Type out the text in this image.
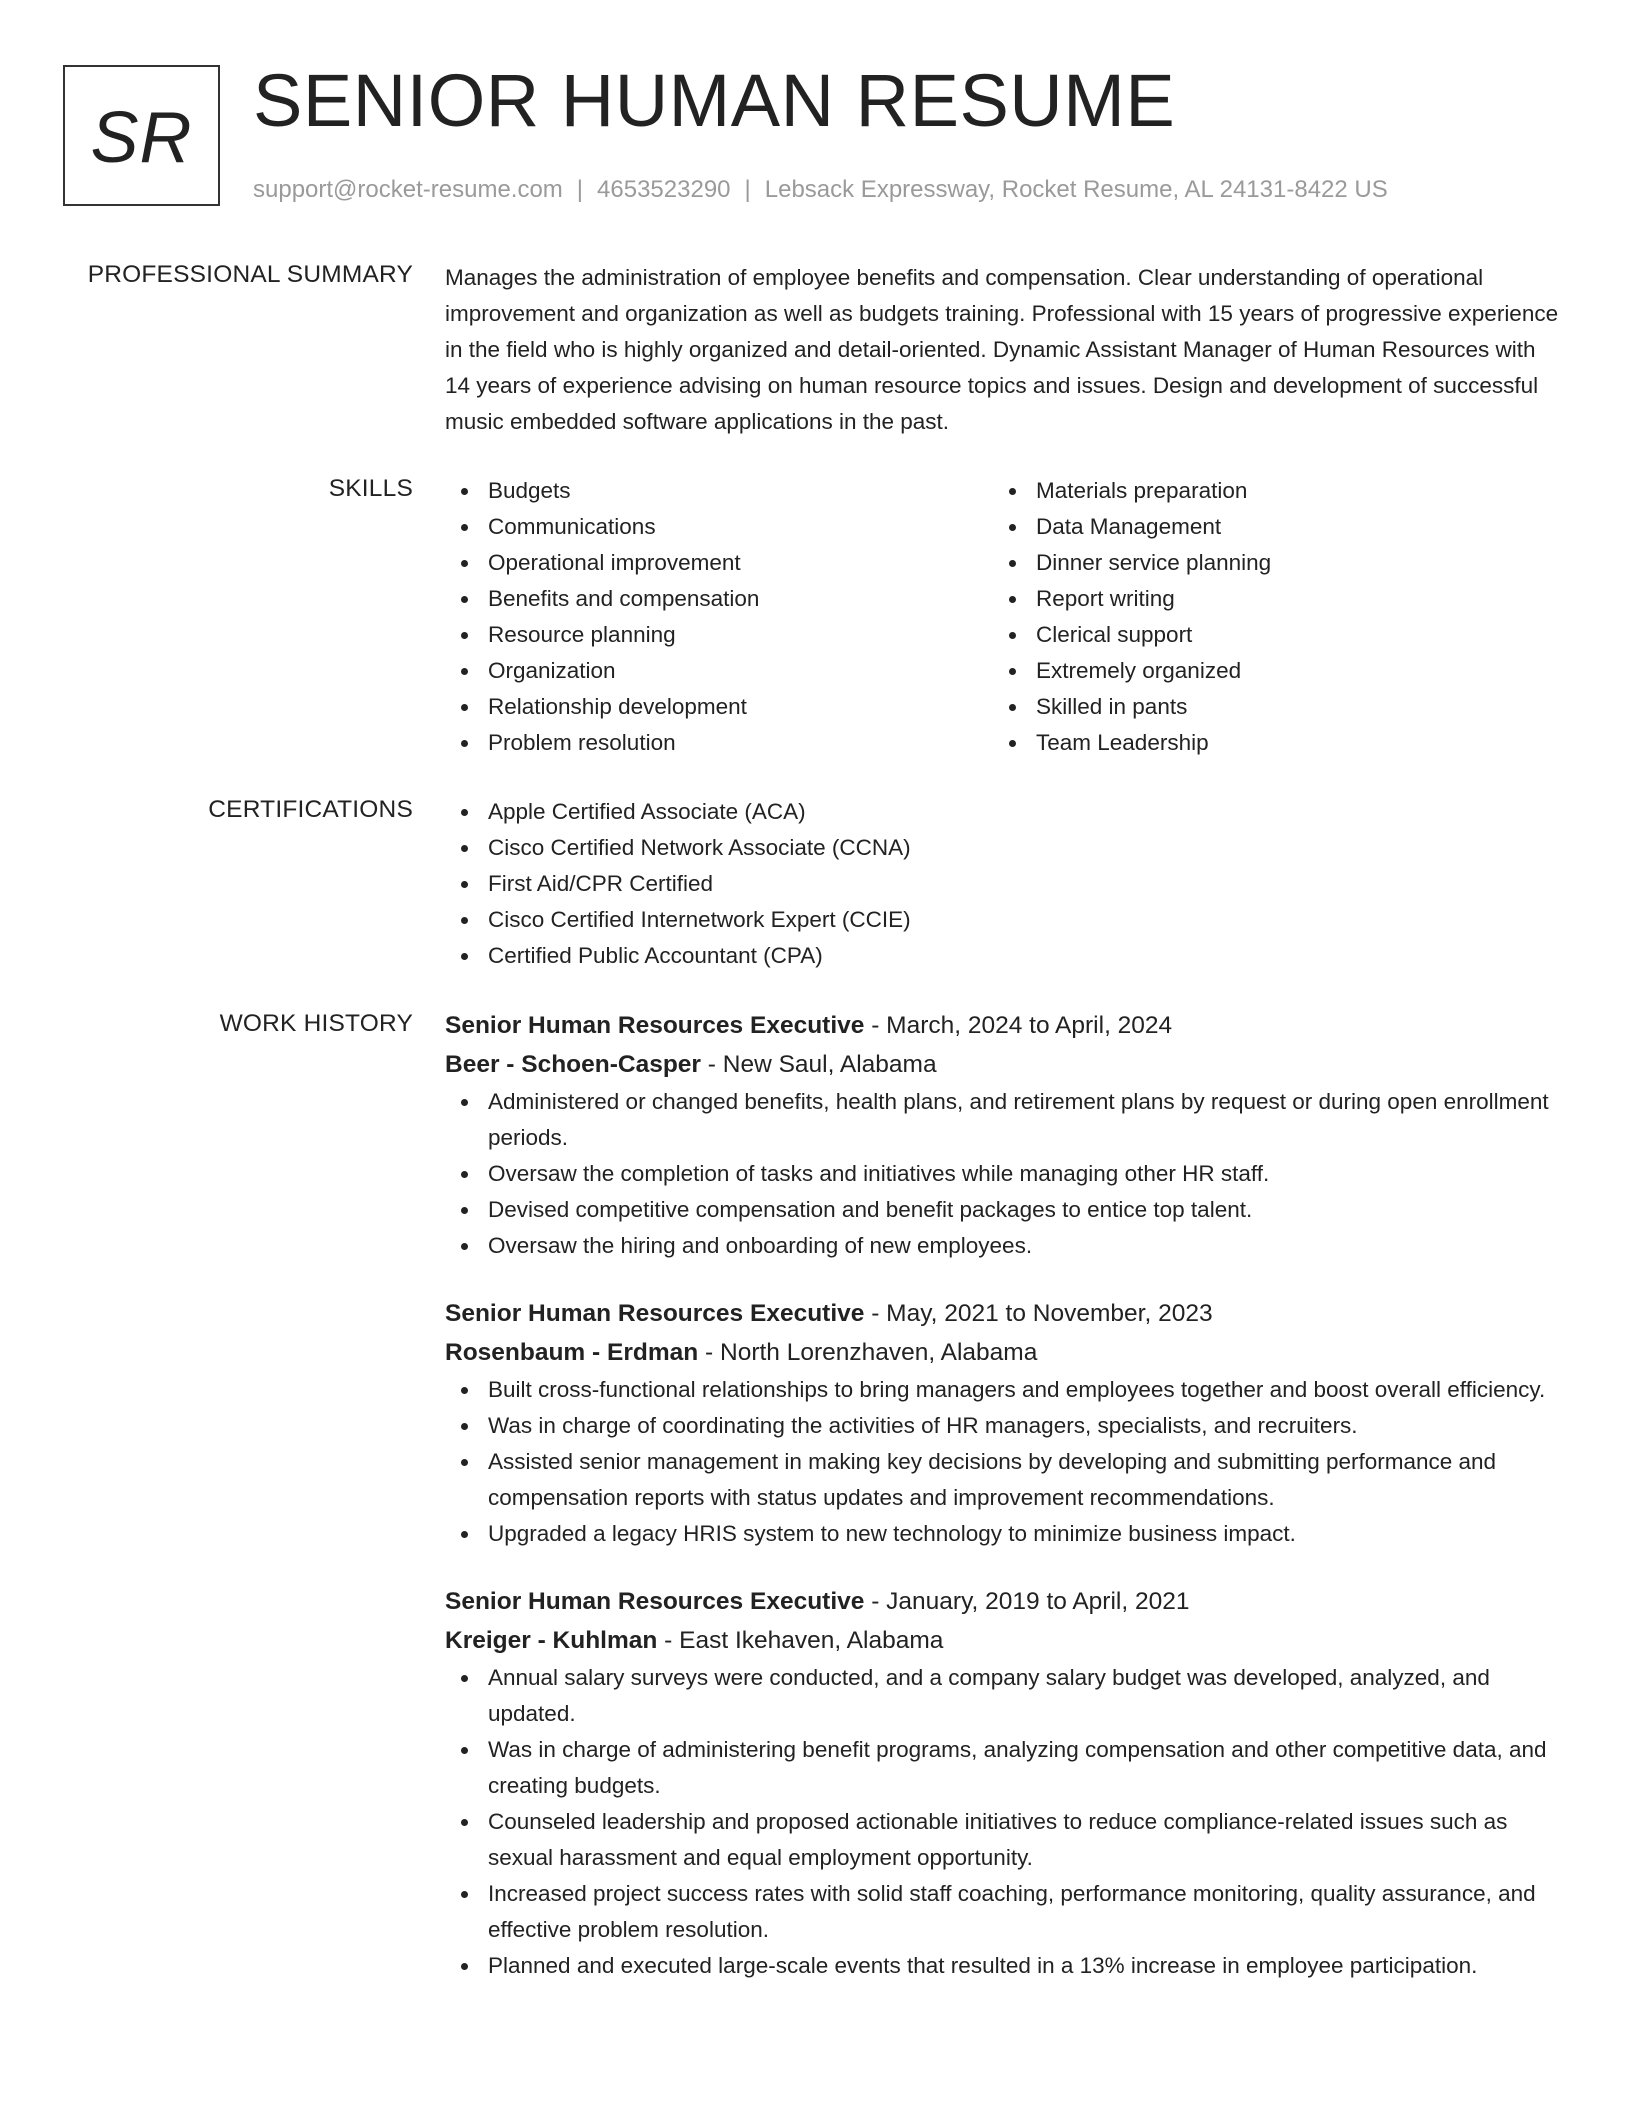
SR SENIOR HUMAN RESUME
support@rocket-resume.com | 4653523290 | Lebsack Expressway, Rocket Resume, AL 24131-8422 US
PROFESSIONAL SUMMARY Manages the administration of employee benefits and compensation. Clear understanding of operational improvement and organization as well as budgets training. Professional with 15 years of progressive experience in the field who is highly organized and detail-oriented. Dynamic Assistant Manager of Human Resources with 14 years of experience advising on human resource topics and issues. Design and development of successful music embedded software applications in the past.

SKILLS	Budgets
Communications
Operational improvement
Benefits and compensation
Resource planning
Organization
Relationship development
Problem resolution
Materials preparation
Data Management
Dinner service planning
Report writing
Clerical support
Extremely organized
Skilled in pants
Team Leadership
CERTIFICATIONS	Apple Certified Associate (ACA)
Cisco Certified Network Associate (CCNA)
First Aid/CPR Certified
Cisco Certified Internetwork Expert (CCIE)
Certified Public Accountant (CPA)
WORK HISTORY Senior Human Resources Executive - March, 2024 to April, 2024
Beer - Schoen-Casper - New Saul, Alabama
Administered or changed benefits, health plans, and retirement plans by request or during open enrollment periods.
Oversaw the completion of tasks and initiatives while managing other HR staff.
Devised competitive compensation and benefit packages to entice top talent.
Oversaw the hiring and onboarding of new employees.
Senior Human Resources Executive - May, 2021 to November, 2023
Rosenbaum - Erdman - North Lorenzhaven, Alabama
Built cross-functional relationships to bring managers and employees together and boost overall efficiency.
Was in charge of coordinating the activities of HR managers, specialists, and recruiters.
Assisted senior management in making key decisions by developing and submitting performance and compensation reports with status updates and improvement recommendations.
Upgraded a legacy HRIS system to new technology to minimize business impact.
Senior Human Resources Executive - January, 2019 to April, 2021
Kreiger - Kuhlman - East Ikehaven, Alabama
Annual salary surveys were conducted, and a company salary budget was developed, analyzed, and updated.
Was in charge of administering benefit programs, analyzing compensation and other competitive data, and creating budgets.
Counseled leadership and proposed actionable initiatives to reduce compliance-related issues such as sexual harassment and equal employment opportunity.
Increased project success rates with solid staff coaching, performance monitoring, quality assurance, and effective problem resolution.
Planned and executed large-scale events that resulted in a 13% increase in employee participation.
